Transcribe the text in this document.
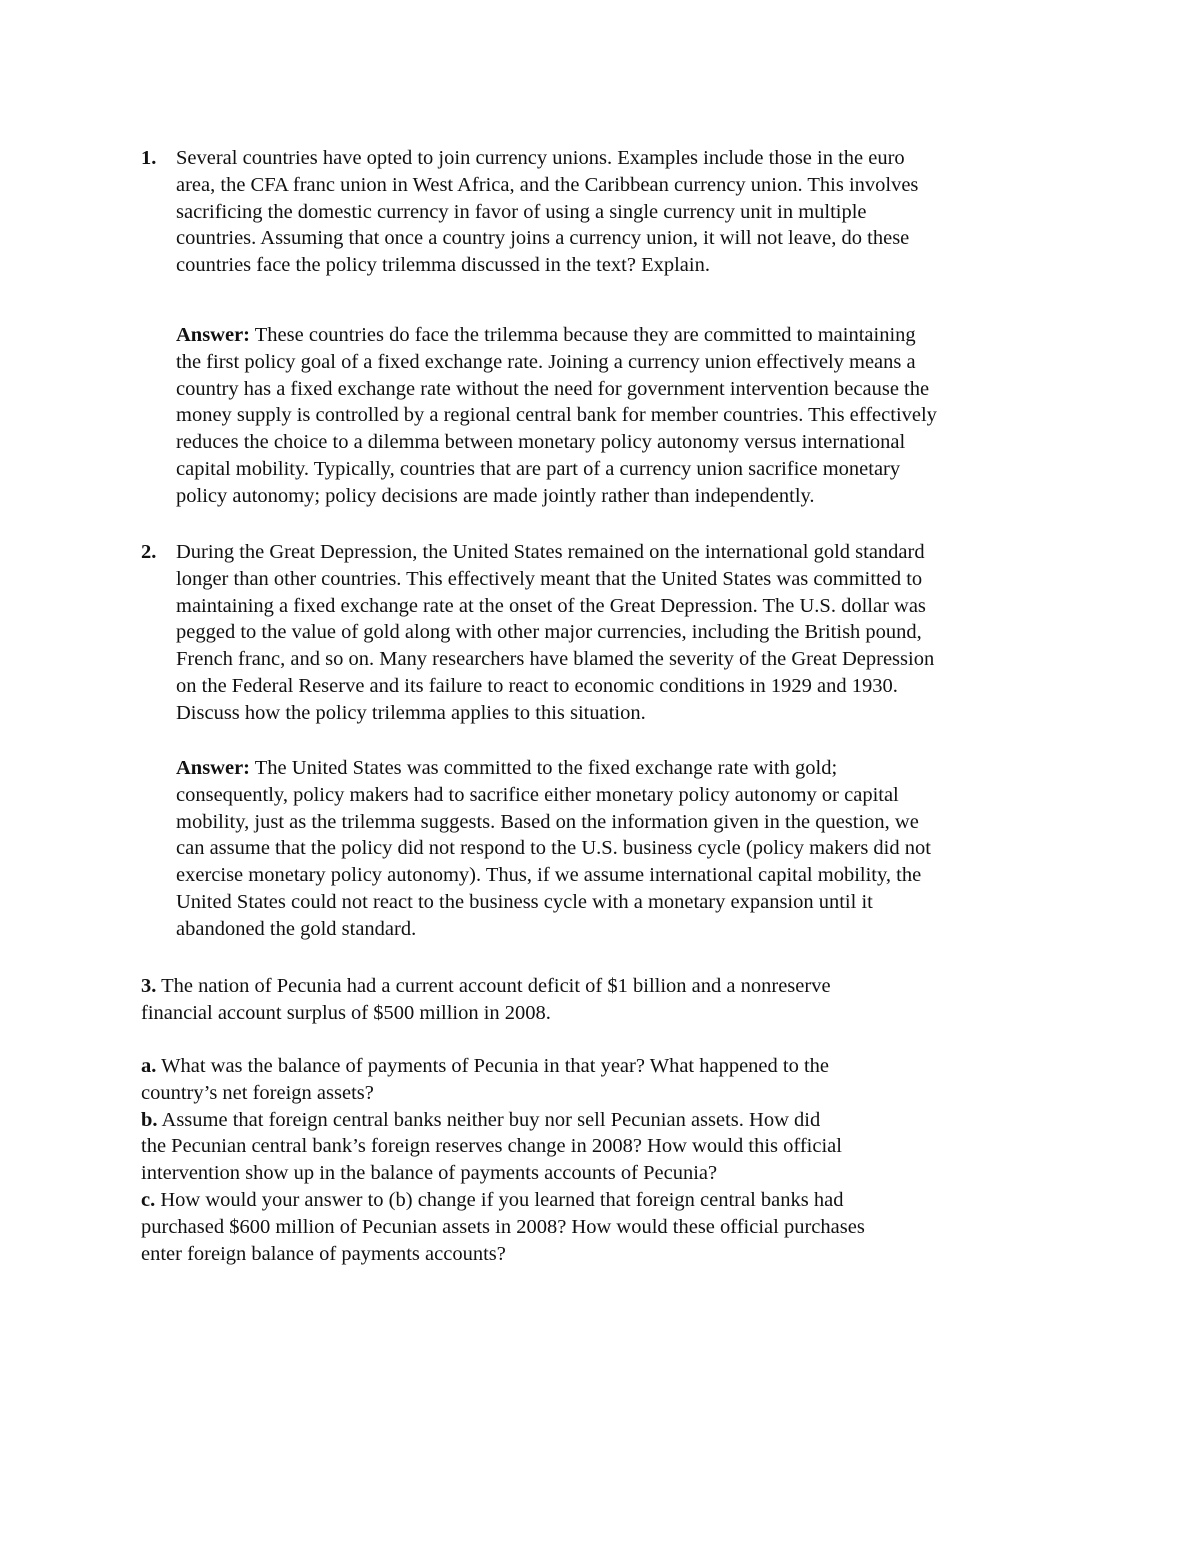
1. Several countries have opted to join currency unions. Examples include those in the euro
area, the CFA franc union in West Africa, and the Caribbean currency union. This involves
sacrificing the domestic currency in favor of using a single currency unit in multiple
countries. Assuming that once a country joins a currency union, it will not leave, do these
countries face the policy trilemma discussed in the text? Explain.
Answer: These countries do face the trilemma because they are committed to maintaining
the first policy goal of a fixed exchange rate. Joining a currency union effectively means a
country has a fixed exchange rate without the need for government intervention because the
money supply is controlled by a regional central bank for member countries. This effectively
reduces the choice to a dilemma between monetary policy autonomy versus international
capital mobility. Typically, countries that are part of a currency union sacrifice monetary
policy autonomy; policy decisions are made jointly rather than independently.
2. During the Great Depression, the United States remained on the international gold standard
longer than other countries. This effectively meant that the United States was committed to
maintaining a fixed exchange rate at the onset of the Great Depression. The U.S. dollar was
pegged to the value of gold along with other major currencies, including the British pound,
French franc, and so on. Many researchers have blamed the severity of the Great Depression
on the Federal Reserve and its failure to react to economic conditions in 1929 and 1930.
Discuss how the policy trilemma applies to this situation.
Answer: The United States was committed to the fixed exchange rate with gold;
consequently, policy makers had to sacrifice either monetary policy autonomy or capital
mobility, just as the trilemma suggests. Based on the information given in the question, we
can assume that the policy did not respond to the U.S. business cycle (policy makers did not
exercise monetary policy autonomy). Thus, if we assume international capital mobility, the
United States could not react to the business cycle with a monetary expansion until it
abandoned the gold standard.
3. The nation of Pecunia had a current account deficit of $1 billion and a nonreserve
financial account surplus of $500 million in 2008.
a. What was the balance of payments of Pecunia in that year? What happened to the
country’s net foreign assets?
b. Assume that foreign central banks neither buy nor sell Pecunian assets. How did
the Pecunian central bank’s foreign reserves change in 2008? How would this official
intervention show up in the balance of payments accounts of Pecunia?
c. How would your answer to (b) change if you learned that foreign central banks had
purchased $600 million of Pecunian assets in 2008? How would these official purchases
enter foreign balance of payments accounts?
